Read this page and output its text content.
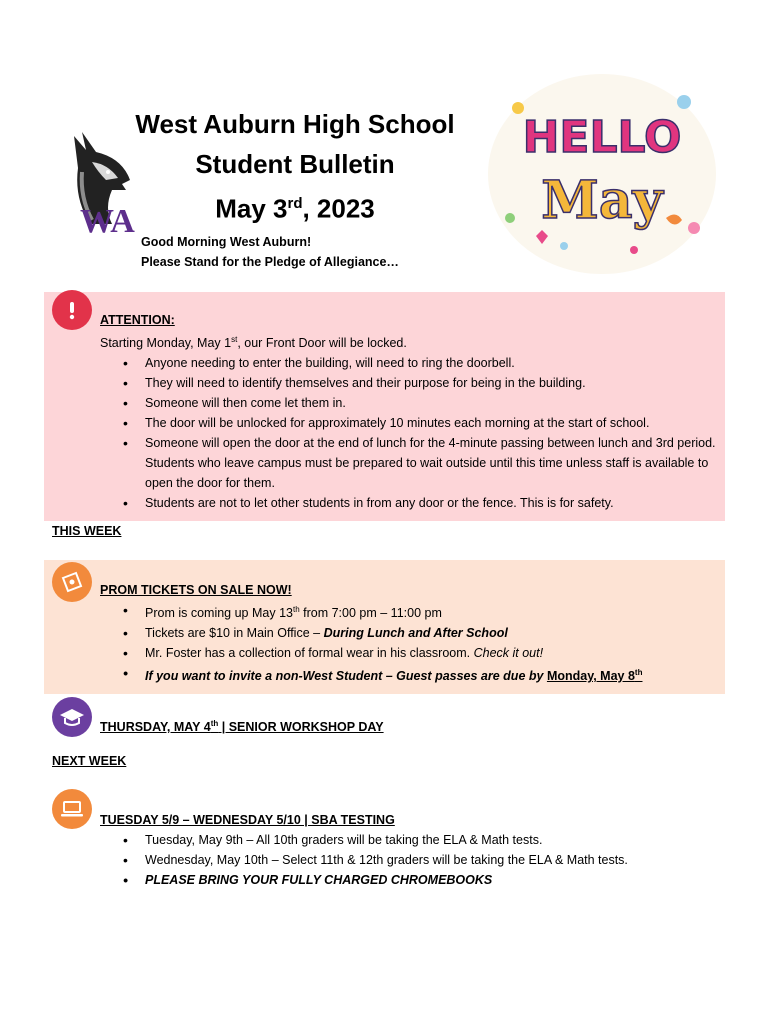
WA
West Auburn High School
Student Bulletin
May 3rd, 2023
HELLO
May
Good Morning West Auburn!
Please Stand for the Pledge of Allegiance…
ATTENTION:
Starting Monday, May 1st, our Front Door will be locked.
• Anyone needing to enter the building, will need to ring the doorbell.
• They will need to identify themselves and their purpose for being in the building.
• Someone will then come let them in.
• The door will be unlocked for approximately 10 minutes each morning at the start of school.
• Someone will open the door at the end of lunch for the 4-minute passing between lunch and 3rd period. Students who leave campus must be prepared to wait outside until this time unless staff is available to open the door for them.
• Students are not to let other students in from any door or the fence. This is for safety.
THIS WEEK
PROM TICKETS ON SALE NOW!
• Prom is coming up May 13th from 7:00 pm – 11:00 pm
• Tickets are $10 in Main Office – During Lunch and After School
• Mr. Foster has a collection of formal wear in his classroom. Check it out!
• If you want to invite a non-West Student – Guest passes are due by Monday, May 8th
THURSDAY, MAY 4th | SENIOR WORKSHOP DAY
NEXT WEEK
TUESDAY 5/9 – WEDNESDAY 5/10 | SBA TESTING
• Tuesday, May 9th – All 10th graders will be taking the ELA & Math tests.
• Wednesday, May 10th – Select 11th & 12th graders will be taking the ELA & Math tests.
• PLEASE BRING YOUR FULLY CHARGED CHROMEBOOKS
